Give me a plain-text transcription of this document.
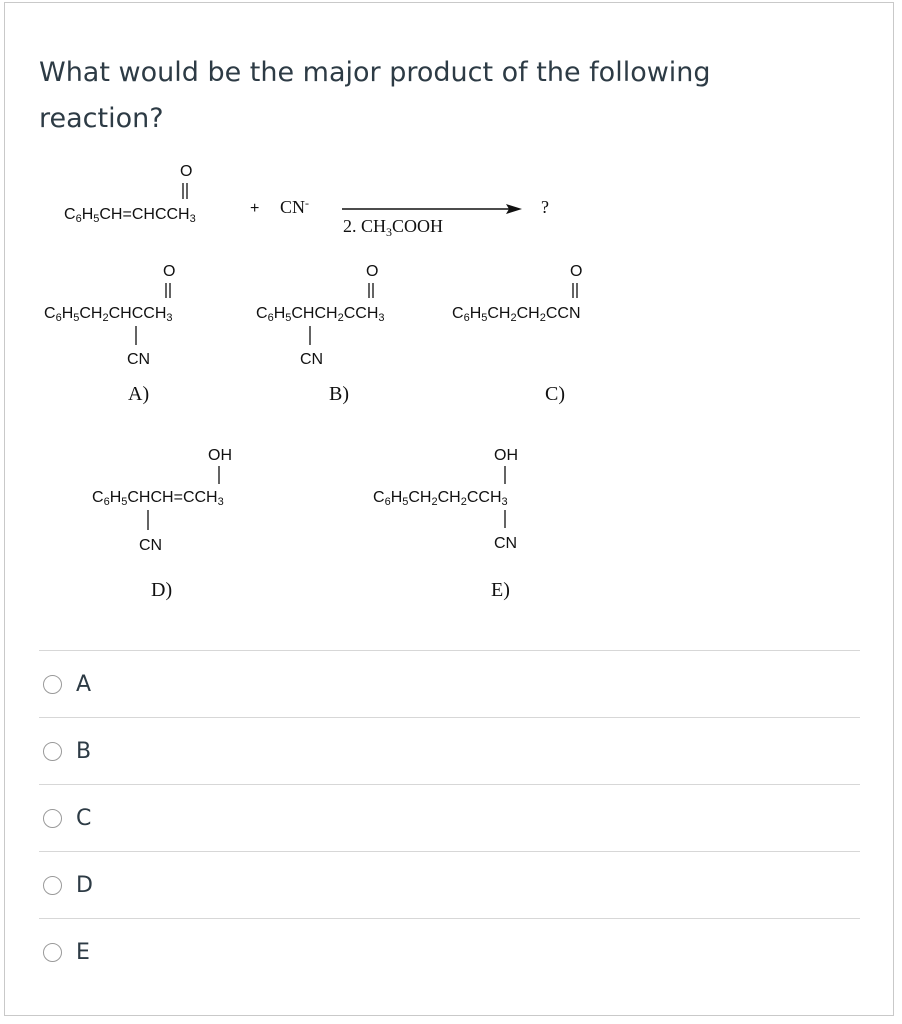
What would be the major product of the following reaction?
O
C6H5CH=CHCCH3
+ CN-
2. $CH_3COOH$
?
O
C6H5CH2CHCCH3
CN
A)
O
C6H5CHCH2CCH3
CN
B)
O
C6H5CH2CH2CCN
C)
OH
C6H5CHCH=CCH3
CN
D)
OH
C6H5CH2CH2CCH3
CN
E)
A
B
C
D
E
